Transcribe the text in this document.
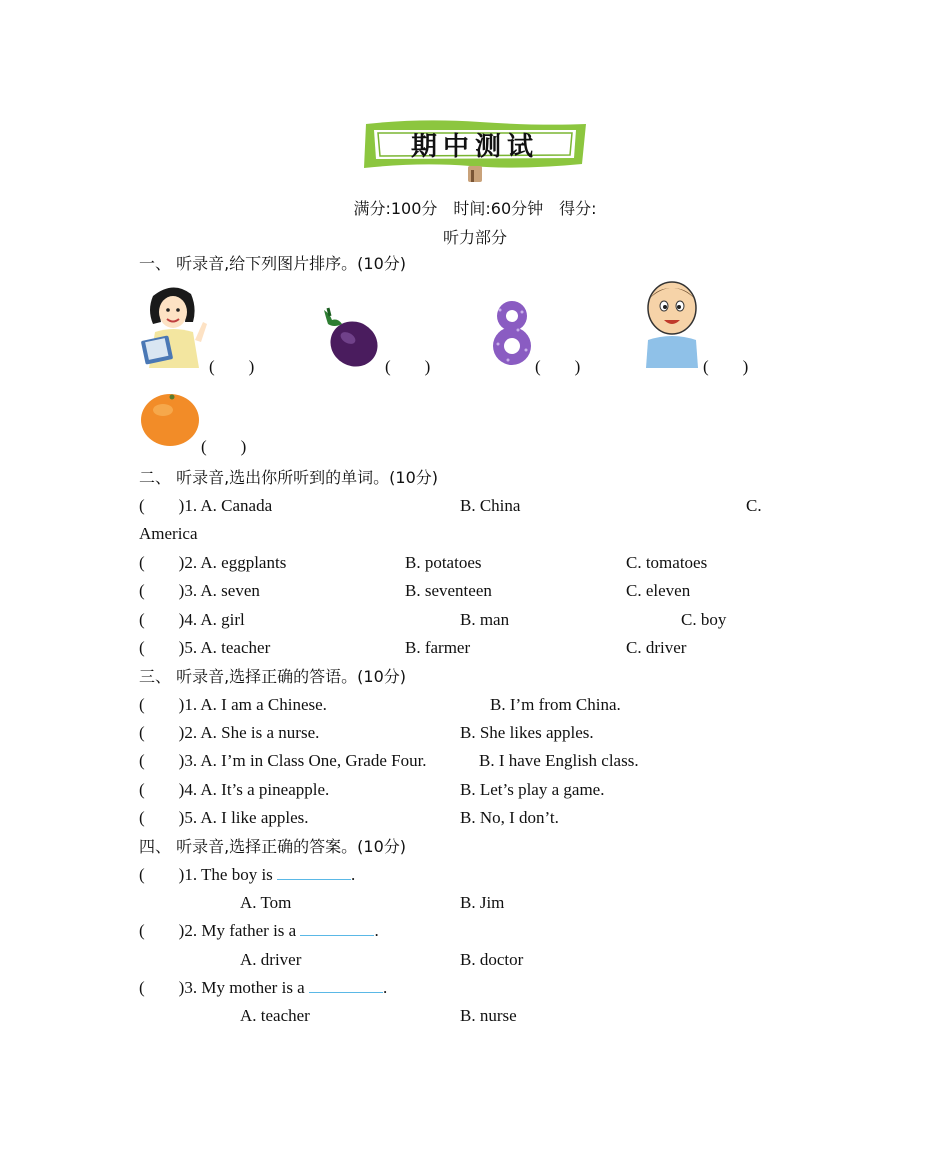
期中测试
满分:100分　时间:60分钟　得分:
听力部分
一、 听录音,给下列图片排序。(10分)
(　　)	(　　)	(　　)	(　　)
(　　)
二、 听录音,选出你所听到的单词。(10分)
(　　)1. A. Canada	B. China	C.
America
(　　)2. A. eggplants	B. potatoes	C. tomatoes
(　　)3. A. seven	B. seventeen	C. eleven
(　　)4. A. girl	B. man	C. boy
(　　)5. A. teacher	B. farmer	C. driver
三、 听录音,选择正确的答语。(10分)
(　　)1. A. I am a Chinese.	B. I’m from China.
(　　)2. A. She is a nurse.	B. She likes apples.
(　　)3. A. I’m in Class One, Grade Four.	B. I have English class.
(　　)4. A. It’s a pineapple.	B. Let’s play a game.
(　　)5. A. I like apples.	B. No, I don’t.
四、 听录音,选择正确的答案。(10分)
(　　)1. The boy is	.
A. Tom	B. Jim
(　　)2. My father is a	.
A. driver	B. doctor
(　　)3. My mother is a	.
A. teacher	B. nurse
